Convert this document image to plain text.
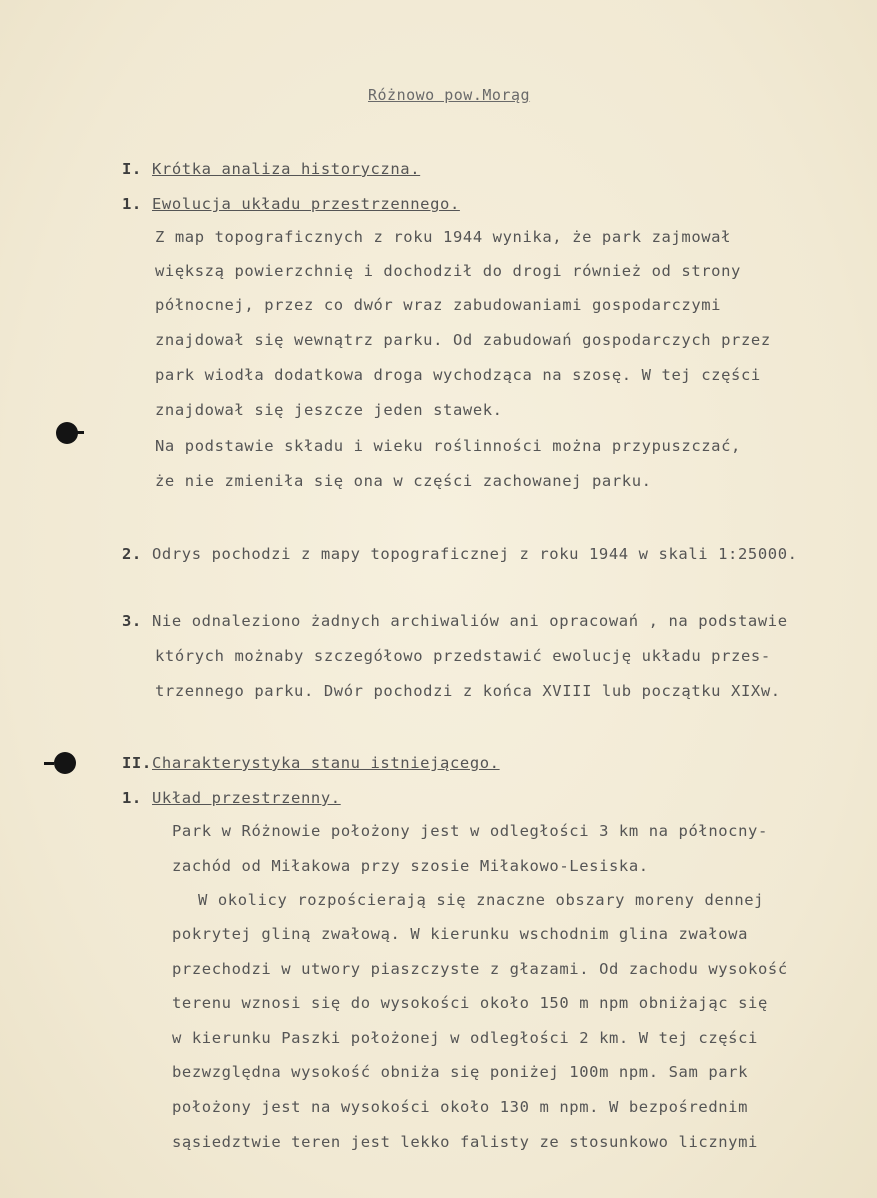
Różnowo pow.Morąg
I. Krótka analiza historyczna.
1. Ewolucja układu przestrzennego.
Z map topograficznych z roku 1944 wynika, że park zajmował
większą powierzchnię i dochodził do drogi również od strony
północnej, przez co dwór wraz zabudowaniami gospodarczymi
znajdował się wewnątrz parku. Od zabudowań gospodarczych przez
park wiodła dodatkowa droga wychodząca na szosę. W tej części
znajdował się jeszcze jeden stawek.
Na podstawie składu i wieku roślinności można przypuszczać,
że nie zmieniła się ona w części zachowanej parku.
2. Odrys pochodzi z mapy topograficznej z roku 1944 w skali 1:25000.
3. Nie odnaleziono żadnych archiwaliów ani opracowań , na podstawie
których możnaby szczegółowo przedstawić ewolucję układu przes-
trzennego parku. Dwór pochodzi z końca XVIII lub początku XIXw.
II.Charakterystyka stanu istniejącego.
1. Układ przestrzenny.
Park w Różnowie położony jest w odległości 3 km na północny-
zachód od Miłakowa przy szosie Miłakowo-Lesiska.
W okolicy rozpościerają się znaczne obszary moreny dennej
pokrytej gliną zwałową. W kierunku wschodnim glina zwałowa
przechodzi w utwory piaszczyste z głazami. Od zachodu wysokość
terenu wznosi się do wysokości około 150 m npm obniżając się
w kierunku Paszki położonej w odległości 2 km. W tej części
bezwzględna wysokość obniża się poniżej 100m npm. Sam park
położony jest na wysokości około 130 m npm. W bezpośrednim
sąsiedztwie teren jest lekko falisty ze stosunkowo licznymi
